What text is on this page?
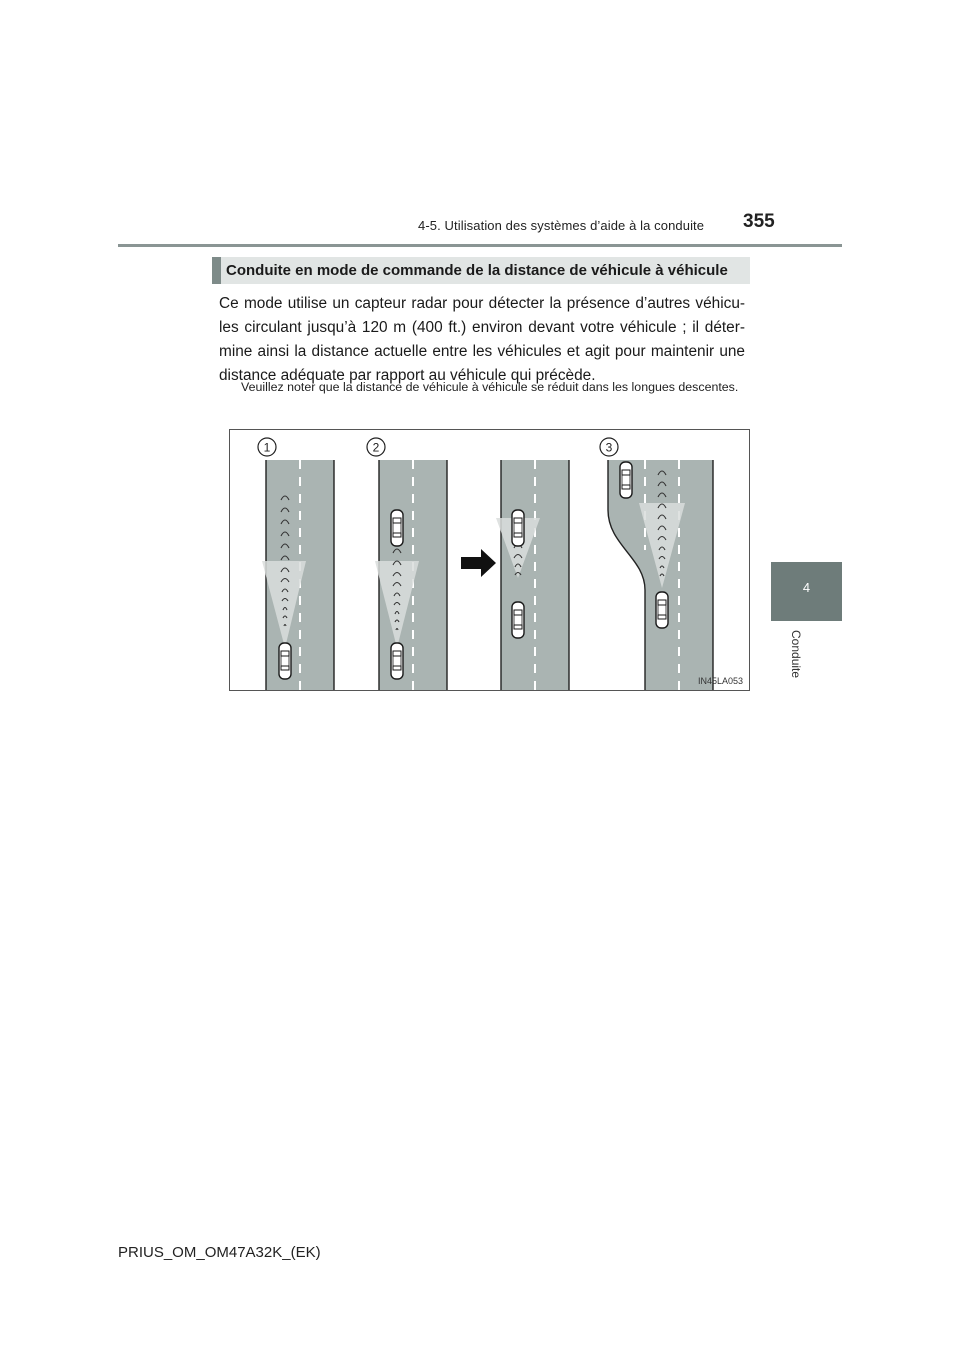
4-5. Utilisation des systèmes d’aide à la conduite 355
4
Conduite
Conduite en mode de commande de la distance de véhicule à véhicule
Ce mode utilise un capteur radar pour détecter la présence d’autres véhicu-les circulant jusqu’à 120 m (400 ft.) environ devant votre véhicule ; il déter-mine ainsi la distance actuelle entre les véhicules et agit pour maintenir une distance adéquate par rapport au véhicule qui précède.
Veuillez noter que la distance de véhicule à véhicule se réduit dans les longues descentes.
1	2	3
IN45LA053
PRIUS_OM_OM47A32K_(EK)
